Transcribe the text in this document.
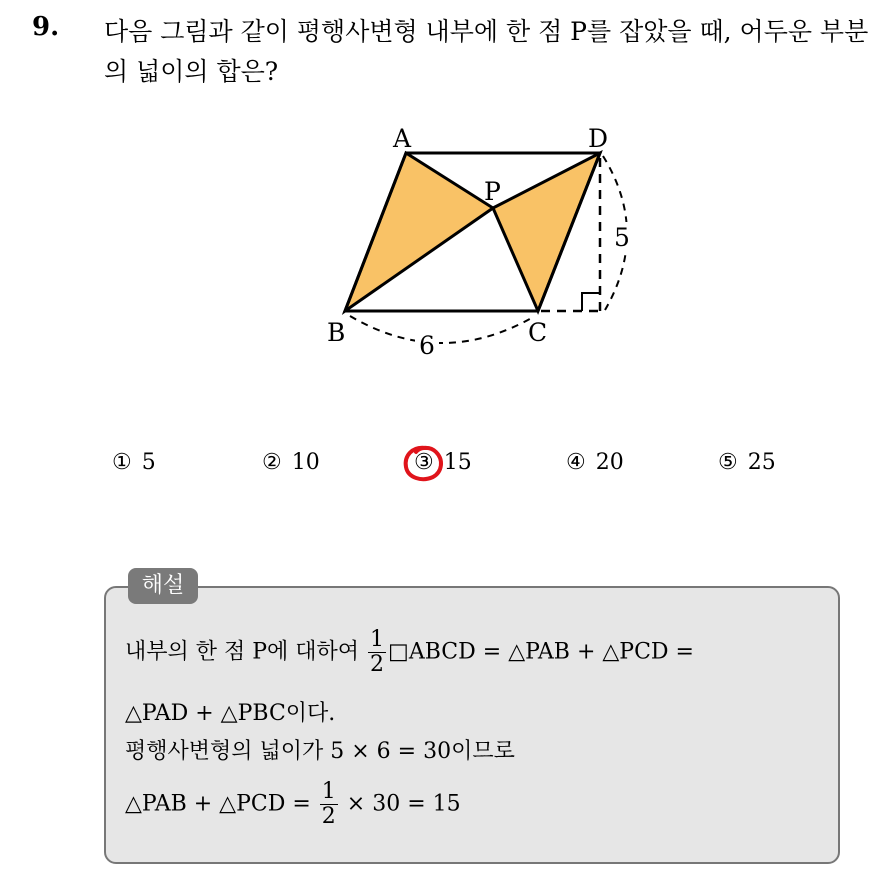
9. 다음 그림과 같이 평행사변형 내부에 한 점 P를 잡았을 때, 어두운 부분의 넓이의 합은?
A	D
P
B	C
5
6
① 5	② 10	③ 15	④ 20	⑤ 25
해설
내부의 한 점 P에 대하여 $\frac{1}{2}$ □ABCD = △PAB + △PCD =
△PAD + △PBC이다.
평행사변형의 넓이가 5 × 6 = 30이므로
△PAB + △PCD = $\frac{1}{2} \times 30 = 15$
